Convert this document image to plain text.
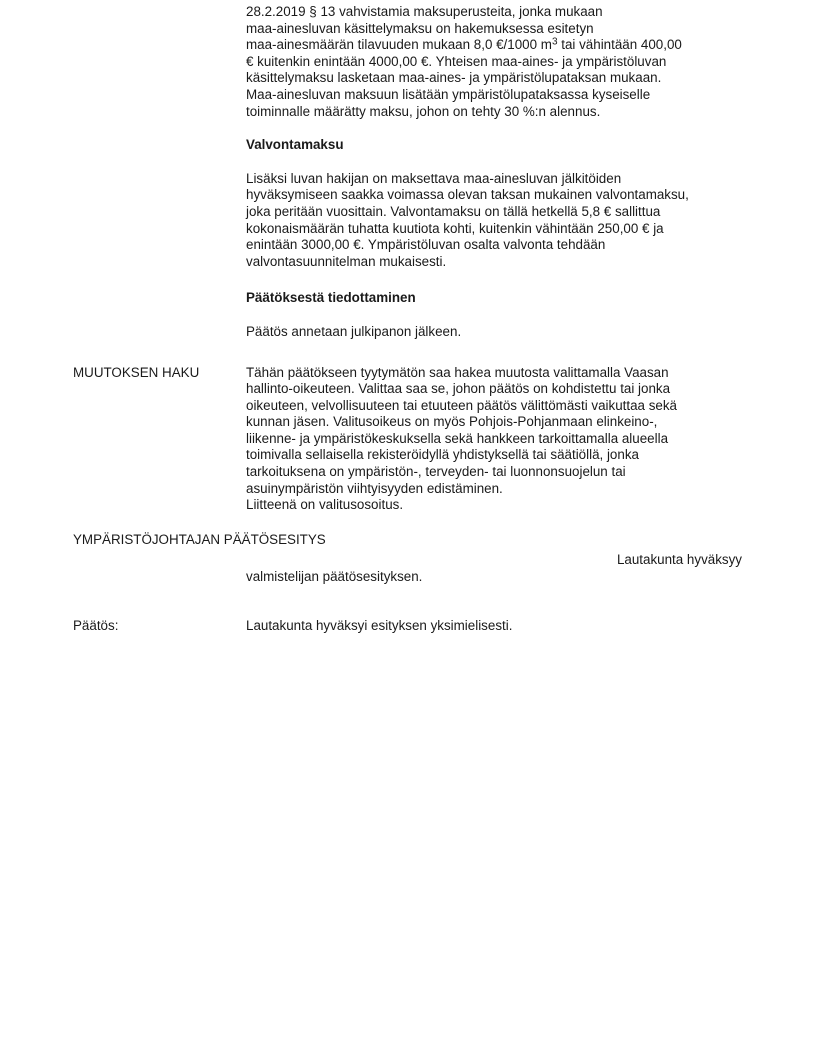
28.2.2019 § 13 vahvistamia maksuperusteita, jonka mukaan
maa-ainesluvan käsittelymaksu on hakemuksessa esitetyn
maa-ainesmäärän tilavuuden mukaan 8,0 €/1000 $m^3$ tai vähintään 400,00
€ kuitenkin enintään 4000,00 €. Yhteisen maa-aines- ja ympäristöluvan
käsittelymaksu lasketaan maa-aines- ja ympäristölupataksan mukaan.
Maa-ainesluvan maksuun lisätään ympäristölupataksassa kyseiselle
toiminnalle määrätty maksu, johon on tehty 30 %:n alennus.
Valvontamaksu
Lisäksi luvan hakijan on maksettava maa-ainesluvan jälkitöiden
hyväksymiseen saakka voimassa olevan taksan mukainen valvontamaksu,
joka peritään vuosittain. Valvontamaksu on tällä hetkellä 5,8 € sallittua
kokonaismäärän tuhatta kuutiota kohti, kuitenkin vähintään 250,00 € ja
enintään 3000,00 €. Ympäristöluvan osalta valvonta tehdään
valvontasuunnitelman mukaisesti.
Päätöksestä tiedottaminen
Päätös annetaan julkipanon jälkeen.
MUUTOKSEN HAKU	Tähän päätökseen tyytymätön saa hakea muutosta valittamalla Vaasan
hallinto-oikeuteen. Valittaa saa se, johon päätös on kohdistettu tai jonka
oikeuteen, velvollisuuteen tai etuuteen päätös välittömästi vaikuttaa sekä
kunnan jäsen. Valitusoikeus on myös Pohjois-Pohjanmaan elinkeino-,
liikenne- ja ympäristökeskuksella sekä hankkeen tarkoittamalla alueella
toimivalla sellaisella rekisteröidyllä yhdistyksellä tai säätiöllä, jonka
tarkoituksena on ympäristön-, terveyden- tai luonnonsuojelun tai
asuinympäristön viihtyisyyden edistäminen.
Liitteenä on valitusosoitus.
YMPÄRISTÖJOHTAJAN PÄÄTÖSESITYS
Lautakunta hyväksyy
valmistelijan päätösesityksen.
Päätös:	Lautakunta hyväksyi esityksen yksimielisesti.
